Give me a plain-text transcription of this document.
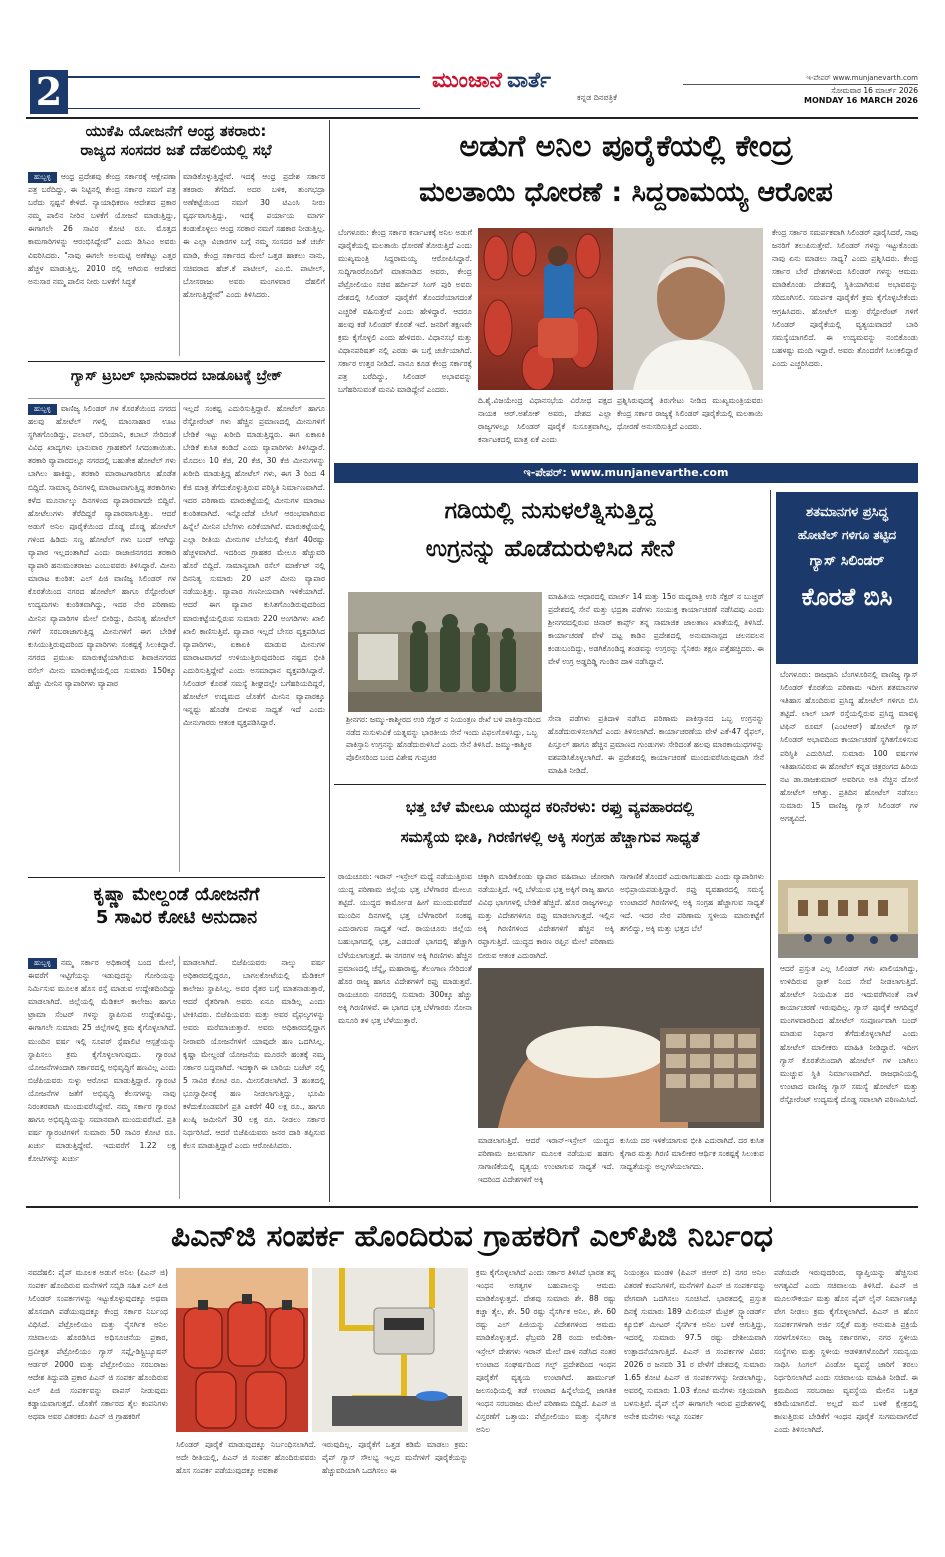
2	ಮುಂಜಾನೆ ವಾರ್ತೆ
ಕನ್ನಡ ದಿನಪತ್ರಿಕೆ
ಇ-ಪೇಪರ್ www.munjanevarth.com
ಸೋಮವಾರ 16 ಮಾರ್ಚ್ 2026
MONDAY 16 MARCH 2026
ಯುಕೆಪಿ ಯೋಜನೆಗೆ ಆಂಧ್ರ ತಕರಾರು:
ರಾಜ್ಯದ ಸಂಸದರ ಜತೆ ದೆಹಲಿಯಲ್ಲಿ ಸಭೆ
ಹುಬ್ಬಳ್ಳಿ ಆಂಧ್ರ ಪ್ರದೇಶವು ಕೇಂದ್ರ ಸರ್ಕಾರಕ್ಕೆ ಆಕ್ಷೇಪಣಾ ಪತ್ರ ಬರೆದಿದ್ದು, ಈ ನಿಟ್ಟಿನಲ್ಲಿ ಕೇಂದ್ರ ಸರ್ಕಾರ ನಮಗೆ ಪತ್ರ ಬರೆದು ಸ್ಪಷ್ಟನೆ ಕೇಳಿದೆ. ನ್ಯಾಯಾಧಿಕರಣ ಆದೇಶದ ಪ್ರಕಾರ ನಮ್ಮ ಪಾಲಿನ ನೀರಿನ ಬಳಕೆಗೆ ಯೋಜನೆ ಮಾಡುತ್ತಿದ್ದು, ಈಗಾಗಲೇ 26 ಸಾವಿರ ಕೋಟಿ ರೂ. ಮೊತ್ತದ ಕಾಮಗಾರಿಗಳನ್ನು ಆರಂಭಿಸಿದ್ದೇವೆ" ಎಂದು ಡಿಸಿಎಂ ಅವರು ವಿವರಿಸಿದರು. "ನಾವು ಈಗಲೇ ಅಲಮಟ್ಟಿ ಅಣೆಕಟ್ಟು ಎತ್ತರ ಹೆಚ್ಚಳ ಮಾಡುತ್ತಿಲ್ಲ. 2010 ರಲ್ಲಿ ಆಗಿರುವ ಆದೇಶದ ಅನುಸಾರ ನಮ್ಮ ಪಾಲಿನ ನೀರು ಬಳಕೆಗೆ ಸಿದ್ಧತೆ
ಮಾಡಿಕೊಳ್ಳುತ್ತಿದ್ದೇವೆ. ಇದಕ್ಕೆ ಆಂಧ್ರ ಪ್ರದೇಶ ಸರ್ಕಾರ ತಕರಾರು ತೆಗೆದಿದೆ. ಅದರ ಬಳಿಕ, ತುಂಗಭದ್ರಾ ಅಣೆಕಟ್ಟೆಯಿಂದ ನಮಗೆ 30 ಟಿಎಂಸಿ ನೀರು ವ್ಯರ್ಥವಾಗುತ್ತಿದ್ದು, ಇದಕ್ಕೆ ಪರ್ಯಾಯ ಮಾರ್ಗ ಕಂಡುಕೊಳ್ಳಲು ಆಂಧ್ರ ಸರಕಾರ ನಮಗೆ ಸಹಕಾರ ನೀಡುತ್ತಿಲ್ಲ. ಈ ಎಲ್ಲಾ ವಿಚಾರಗಳ ಬಗ್ಗೆ ನಮ್ಮ ಸಂಸದರ ಜತೆ ಚರ್ಚೆ ಮಾಡಿ, ಕೇಂದ್ರ ಸರ್ಕಾರದ ಮೇಲೆ ಒತ್ತಡ ಹಾಕಲು ನಾನು, ಸಚಿವರಾದ ಹೆಚ್.ಕೆ ಪಾಟೀಲ್, ಎಂ.ಬಿ. ಪಾಟೀಲ್, ಬೋಸರಾಜು ಅವರು ಮಂಗಳವಾರ ದೆಹಲಿಗೆ ಹೋಗುತ್ತಿದ್ದೇವೆ" ಎಂದು ತಿಳಿಸಿದರು.
ಗ್ಯಾಸ್ ಟ್ರಬಲ್ ಭಾನುವಾರದ ಬಾಡೂಟಕ್ಕೆ ಬ್ರೇಕ್
ಹುಬ್ಬಳ್ಳಿ ವಾಣಿಜ್ಯ ಸಿಲಿಂಡರ್ ಗಳ ಕೊರತೆಯಿಂದ ನಗರದ ಹಲವು ಹೋಟೆಲ್ ಗಳಲ್ಲಿ ಮಾಂಸಾಹಾರ ಊಟ ಸ್ಥಗಿತಗೊಂಡಿದ್ದು, ಪಲಾವ್, ಬಿರಿಯಾನಿ, ಕಬಾಬ್ ಸೇರಿದಂತೆ ವಿವಿಧ ಖಾದ್ಯಗಳು ಭಾನುವಾರ ಗ್ರಾಹಕರಿಗೆ ಸಿಗದಂತಾಯಿತು. ತರಕಾರಿ ವ್ಯಾಪಾರದಲ್ಲೂ ನಗರದಲ್ಲಿ ಬಹುತೇಕ ಹೋಟೆಲ್ ಗಳು ಬಾಗಿಲು ಹಾಕಿದ್ದು, ತರಕಾರಿ ಮಾರಾಟಗಾರರಿಗೂ ಹೊಡೆತ ಬಿದ್ದಿದೆ. ಸಾಮಾನ್ಯ ದಿನಗಳಲ್ಲಿ ಮಾರಾಟವಾಗುತ್ತಿದ್ದ ತರಕಾರಿಗಳು ಕಳೆದ ಮೂರ್ನಾಲ್ಕು ದಿನಗಳಿಂದ ವ್ಯಾಪಾರವಾಗದೇ ಬಿದ್ದಿವೆ. ಹೋಟೆಲುಗಳು ತೆರೆದಿದ್ದರೆ ವ್ಯಾಪಾರವಾಗುತ್ತಿತ್ತು. ಆದರೆ ಅಡುಗೆ ಅನಿಲ ಪೂರೈಕೆಯಿಂದ ದೊಡ್ಡ ದೊಡ್ಡ ಹೋಟೆಲ್ ಗಳಿಂದ ಹಿಡಿದು ಸಣ್ಣ ಹೋಟೆಲ್ ಗಳು ಬಂದ್ ಆಗಿದ್ದು ವ್ಯಾಪಾರ ಇಲ್ಲದಂತಾಗಿದೆ ಎಂದು ರಾಜಾಜಿನಗರದ ತರಕಾರಿ ವ್ಯಾಪಾರಿ ಹನುಮಂತರಾಜು ಎಂಬುವವರು ತಿಳಿಸಿದ್ದಾರೆ. ಮೀನು ಮಾರಾಟ ಕುಂಠಿತ: ಎಲ್ ಪಿಜಿ ವಾಣಿಜ್ಯ ಸಿಲಿಂಡರ್ ಗಳ ಕೊರತೆಯಿಂದ ನಗರದ ಹೋಟೆಲ್ ಹಾಗೂ ರೆಸ್ಟೋರೆಂಟ್ ಉದ್ಯಮಗಳು ಕುಂಠಿತವಾಗಿದ್ದು, ಇದರ ನೇರ ಪರಿಣಾಮ ಮೀನಿನ ವ್ಯಾಪಾರಿಗಳ ಮೇಲೆ ಬೀರಿದ್ದು, ದಿನನಿತ್ಯ ಹೋಟೆಲ್ ಗಳಿಗೆ ಸರಬರಾಜಾಗುತ್ತಿದ್ದ ಮೀನುಗಳಿಗೆ ಈಗ ಬೇಡಿಕೆ ಕುಸಿಯುತ್ತಿರುವುದರಿಂದ ವ್ಯಾಪಾರಿಗಳು ಸಂಕಷ್ಟಕ್ಕೆ ಸಿಲುಕಿದ್ದಾರೆ. ನಗರದ ಪ್ರಮುಖ ಮಾರುಕಟ್ಟೆಯಾಗಿರುವ ಶಿವಾಜಿನಗರದ ರಸೆಲ್ ಮೀನು ಮಾರುಕಟ್ಟೆಯಲ್ಲಿಂದ ಸುಮಾರು 150ಕ್ಕೂ ಹೆಚ್ಚು ಮೀನಿನ ವ್ಯಾಪಾರಿಗಳು ವ್ಯಾಪಾರ
ಇಲ್ಲದೆ ಸಂಕಷ್ಟ ಎದುರಿಸುತ್ತಿದ್ದಾರೆ. ಹೋಟೆಲ್ ಹಾಗೂ ರೆಸ್ಟೋರೆಂಟ್ ಗಳು ಹೆಚ್ಚಿನ ಪ್ರಮಾಣದಲ್ಲಿ ಮೀನುಗಳಿಗೆ ಬೇಡಿಕೆ ಇಟ್ಟು ಖರೀದಿ ಮಾಡುತ್ತಿದ್ದರು. ಈಗ ಏಕಾಏಕಿ ಬೇಡಿಕೆ ಕುಸಿತ ಕಂಡಿದೆ ಎಂದು ವ್ಯಾಪಾರಿಗಳು ತಿಳಿಸಿದ್ದಾರೆ. ಮೊದಲು 10 ಕೆಜಿ, 20 ಕೆಜಿ, 30 ಕೆಜಿ ಮೀನುಗಳನ್ನು ಖರೀದಿ ಮಾಡುತ್ತಿದ್ದ ಹೋಟೆಲ್ ಗಳು, ಈಗ 3 ರಿಂದ 4 ಕೆಜಿ ಮಾತ್ರ ತೆಗೆದುಕೊಳ್ಳುತ್ತಿರುವ ಪರಿಸ್ಥಿತಿ ನಿರ್ಮಾಣವಾಗಿದೆ. ಇದರ ಪರಿಣಾಮ ಮಾರುಕಟ್ಟೆಯಲ್ಲಿ ಮೀನುಗಳ ಮಾರಾಟ ಕುಂಠಿತವಾಗಿದೆ. ಇನ್ನೊಂದೆಡೆ ಬೇಸಿಗೆ ಆರಂಭವಾಗಿರುವ ಹಿನ್ನೆಲೆ ಮೀನಿನ ಬೆಲೆಗಳು ಏರಿಕೆಯಾಗಿವೆ. ಮಾರುಕಟ್ಟೆಯಲ್ಲಿ ಎಲ್ಲಾ ರೀತಿಯ ಮೀನುಗಳ ಬೆಲೆಯಲ್ಲಿ ಕೆಜಿಗೆ 40ರಷ್ಟು ಹೆಚ್ಚಳವಾಗಿದೆ. ಇದರಿಂದ ಗ್ರಾಹಕರ ಮೇಲೂ ಹೆಚ್ಚುವರಿ ಹೊರೆ ಬಿದ್ದಿದೆ. ಸಾಮಾನ್ಯವಾಗಿ ರಸೆಲ್ ಮಾರ್ಕೆಟ್ ನಲ್ಲಿ ದಿನನಿತ್ಯ ಸುಮಾರು 20 ಟನ್ ಮೀನು ವ್ಯಾಪಾರ ನಡೆಯುತ್ತಿತ್ತು. ವ್ಯಾಪಾರ ಗಣನೀಯವಾಗಿ ಇಳಿಕೆಯಾಗಿದೆ. ಆದರೆ ಈಗ ವ್ಯಾಪಾರ ಕುಸಿತಗೊಂಡಿರುವುದರಿಂದ ಮಾರುಕಟ್ಟೆಯಲ್ಲಿರುವ ಸುಮಾರು 220 ಅಂಗಡಿಗಳು ಖಾಲಿ ಖಾಲಿ ಕಾಣಿಸುತ್ತಿವೆ. ವ್ಯಾಪಾರ ಇಲ್ಲದೆ ಬೇಸರ ವ್ಯಕ್ತಪಡಿಸಿದ ವ್ಯಾಪಾರಿಗಳು, ಏಕಾಏಕಿ ಮಾಡುವ ಮೀನುಗಳ ಮಾರಾಟವಾಗದೆ ಉಳಿಯುತ್ತಿರುವುದರಿಂದ ನಷ್ಟದ ಭೀತಿ ಎದುರಿಸುತ್ತಿದ್ದೇವೆ ಎಂದು ಅಸಮಾಧಾನ ವ್ಯಕ್ತಪಡಿಸಿದ್ದಾರೆ. ಸಿಲಿಂಡರ್ ಕೊರತೆ ಸಮಸ್ಯೆ ಶೀಘ್ರದಲ್ಲೇ ಬಗೆಹರಿಯದಿದ್ದರೆ, ಹೋಟೆಲ್ ಉದ್ಯಮದ ಜೊತೆಗೆ ಮೀನಿನ ವ್ಯಾಪಾರಕ್ಕೂ ಇನ್ನಷ್ಟು ಹೊಡೆತ ಬೀಳುವ ಸಾಧ್ಯತೆ ಇದೆ ಎಂದು ಮೀನುಗಾರರು ಆತಂಕ ವ್ಯಕ್ತಪಡಿಸಿದ್ದಾರೆ.
ಕೃಷ್ಣಾ ಮೇಲ್ದಂಡೆ ಯೋಜನೆಗೆ
5 ಸಾವಿರ ಕೋಟಿ ಅನುದಾನ
ಹುಬ್ಬಳ್ಳಿ ನಮ್ಮ ಸರ್ಕಾರ ಅಧಿಕಾರಕ್ಕೆ ಬಂದ ಮೇಲೆ, ಈವರೆಗೆ ಇಟ್ಟಿಗೆಯನ್ನು ಇಡುವುದನ್ನು ಗೋರಿಯನ್ನು ನಿರ್ಮಿಸುವ ಮೂಲಕ ಹೊಸ ರಸ್ತೆ ಮಾಡುವ ಉದ್ದೇಶದಿಂದಿದ್ದು ಮಾಡಲಾಗಿದೆ. ಜಿಲ್ಲೆಯಲ್ಲಿ ಮೆಡಿಕಲ್ ಕಾಲೇಜು ಹಾಗೂ ಟ್ರಾಮಾ ಸೆಂಟರ್ ಗಳನ್ನು ಸ್ಥಾಪಿಸುವ ಉದ್ದೇಶವಿದ್ದು, ಈಗಾಗಲೇ ಸುಮಾರು 25 ಜಿಲ್ಲೆಗಳಲ್ಲಿ ಕ್ರಮ ಕೈಗೊಳ್ಳಲಾಗಿದೆ. ಮುಂದಿನ ವರ್ಷ ಇಲ್ಲಿ ಸೂಪರ್ ಸ್ಪೆಷಾಲಿಟಿ ಆಸ್ಪತ್ರೆಯನ್ನು ಸ್ಥಾಪಿಸಲು ಕ್ರಮ ಕೈಗೊಳ್ಳಲಾಗುವುದು. ಗ್ಯಾರಂಟಿ ಯೋಜನೆಗಳಿಂದಾಗಿ ಸರ್ಕಾರದಲ್ಲಿ ಅಭಿವೃದ್ಧಿಗೆ ಹಣವಿಲ್ಲ ಎಂದು ಬಿಜೆಪಿಯವರು ಸುಳ್ಳು ಆರೋಪ ಮಾಡುತ್ತಿದ್ದಾರೆ. ಗ್ಯಾರಂಟಿ ಯೋಜನೆಗಳ ಜತೆಗೆ ಅಭಿವೃದ್ಧಿ ಕೆಲಸಗಳನ್ನು ನಾವು ನಿರಂತರವಾಗಿ ಮುಂದುವರೆಸಿದ್ದೇವೆ. ನಮ್ಮ ಸರ್ಕಾರ ಗ್ಯಾರಂಟಿ ಹಾಗೂ ಅಭಿವೃದ್ಧಿಯನ್ನು ಸಮಾನವಾಗಿ ಮುಂದುವರೆಸಿದೆ. ಪ್ರತಿ ವರ್ಷ ಗ್ಯಾರಂಟಿಗಳಿಗೆ ಸುಮಾರು 50 ಸಾವಿರ ಕೋಟಿ ರೂ. ಖರ್ಚು ಮಾಡುತ್ತಿದ್ದೇವೆ. ಇದುವರೆಗೆ 1.22 ಲಕ್ಷ ಕೋಟಿಗಳನ್ನು ಖರ್ಚು
ಮಾಡಲಾಗಿದೆ. ಬಿಜೆಪಿಯವರು ನಾಲ್ಕು ವರ್ಷ ಅಧಿಕಾರದಲ್ಲಿದ್ದರೂ, ಬಾಗಲಕೋಟೆಯಲ್ಲಿ ಮೆಡಿಕಲ್ ಕಾಲೇಜು ಸ್ಥಾಪಿಸಿಲ್ಲ. ಅವರ ರೈತರ ಬಗ್ಗೆ ಮಾತನಾಡುತ್ತಾರೆ, ಆದರೆ ರೈತರಿಗಾಗಿ ಅವರು ಏನೂ ಮಾಡಿಲ್ಲ ಎಂದು ಟೀಕಿಸಿದರು. ಬಿಜೆಪಿಯವರು ಮತ್ತು ಅವರ ವೈಫಲ್ಯಗಳನ್ನು ಅವರು ಮರೆಮಾಚುತ್ತಾರೆ. ಅವರು ಅಧಿಕಾರದಲ್ಲಿದ್ದಾಗ ನೀರಾವರಿ ಯೋಜನೆಗಳಿಗೆ ಯಾವುದೇ ಹಣ ಒದಗಿಸಿಲ್ಲ. ಕೃಷ್ಣಾ ಮೇಲ್ದಂಡೆ ಯೋಜನೆಯ ಮೂರನೇ ಹಂತಕ್ಕೆ ನಮ್ಮ ಸರ್ಕಾರ ಬದ್ಧವಾಗಿದೆ. ಇದಕ್ಕಾಗಿ ಈ ಬಾರಿಯ ಬಜೆಟ್ ನಲ್ಲಿ 5 ಸಾವಿರ ಕೋಟಿ ರೂ. ಮೀಸಲಿಡಲಾಗಿದೆ. 3 ಹಂತದಲ್ಲಿ ಭೂಸ್ವಾಧೀನಕ್ಕೆ ಹಣ ನೀಡಲಾಗುತ್ತಿದ್ದು, ಭೂಮಿ ಕಳೆದುಕೊಂಡವರಿಗೆ ಪ್ರತಿ ಎಕರೆಗೆ 40 ಲಕ್ಷ ರೂ., ಹಾಗೂ ಖುಷ್ಕಿ ಜಮೀನಿಗೆ 30 ಲಕ್ಷ ರೂ. ನೀಡಲು ಸರ್ಕಾರ ನಿರ್ಧರಿಸಿದೆ. ಆದರೆ ಬಿಜೆಪಿಯವರು ಜನರ ದಾರಿ ತಪ್ಪಿಸುವ ಕೆಲಸ ಮಾಡುತ್ತಿದ್ದಾರೆ ಎಂದು ಆರೋಪಿಸಿದರು.
ಅಡುಗೆ ಅನಿಲ ಪೂರೈಕೆಯಲ್ಲಿ ಕೇಂದ್ರ
ಮಲತಾಯಿ ಧೋರಣೆ : ಸಿದ್ದರಾಮಯ್ಯ ಆರೋಪ
ಬೆಂಗಳೂರು: ಕೇಂದ್ರ ಸರ್ಕಾರ ಕರ್ನಾಟಕಕ್ಕೆ ಅನಿಲ ಅಡುಗೆ ಪೂರೈಕೆಯಲ್ಲಿ ಮಲತಾಯಿ ಧೋರಣೆ ತೋರುತ್ತಿದೆ ಎಂದು ಮುಖ್ಯಮಂತ್ರಿ ಸಿದ್ದರಾಮಯ್ಯ ಆರೋಪಿಸಿದ್ದಾರೆ. ಸುದ್ದಿಗಾರರೊಂದಿಗೆ ಮಾತನಾಡಿದ ಅವರು, ಕೇಂದ್ರ ಪೆಟ್ರೋಲಿಯಂ ಸಚಿವ ಹರ್ದೀಪ್ ಸಿಂಗ್ ಪುರಿ ಅವರು ದೇಶದಲ್ಲಿ ಸಿಲಿಂಡರ್ ಪೂರೈಕೆಗೆ ತೊಂದರೆಯಾಗದಂತೆ ಎಚ್ಚರಿಕೆ ವಹಿಸುತ್ತೇವೆ ಎಂದು ಹೇಳಿದ್ದಾರೆ. ಆದರೂ ಹಲವು ಕಡೆ ಸಿಲಿಂಡರ್ ಕೊರತೆ ಇದೆ. ಜನರಿಗೆ ತಕ್ಷಣವೇ ಕ್ರಮ ಕೈಗೊಳ್ಳಲಿ ಎಂದು ಹೇಳಿದರು. ವಿಧಾನಸಭೆ ಮತ್ತು ವಿಧಾನಪರಿಷತ್ ನಲ್ಲಿ ಎರಡು ಈ ಬಗ್ಗೆ ಚರ್ಚೆಯಾಗಿದೆ. ಸರ್ಕಾರ ಉತ್ತರ ನೀಡಿದೆ. ನಾನೂ ಕೂಡ ಕೇಂದ್ರ ಸರ್ಕಾರಕ್ಕೆ ಪತ್ರ ಬರೆದಿದ್ದು, ಸಿಲಿಂಡರ್ ಅಭಾವವನ್ನು ಬಗೆಹರಿಸುವಂತೆ ಮನವಿ ಮಾಡಿದ್ದೇನೆ ಎಂದರು.
ಕೇಂದ್ರ ಸರ್ಕಾರ ಸಮರ್ಪಕವಾಗಿ ಸಿಲಿಂಡರ್ ಪೂರೈಸಿದರೆ, ನಾವು ಜನರಿಗೆ ತಲುಪಿಸುತ್ತೇವೆ. ಸಿಲಿಂಡರ್ ಗಳನ್ನು ಇಟ್ಟುಕೊಂಡು ನಾವು ಏನು ಮಾಡಲು ಸಾಧ್ಯ? ಎಂದು ಪ್ರಶ್ನಿಸಿದರು. ಕೇಂದ್ರ ಸರ್ಕಾರ ಬೇರೆ ದೇಶಗಳಿಂದ ಸಿಲಿಂಡರ್ ಗಳನ್ನು ಆಮದು ಮಾಡಿಕೊಂಡು ದೇಶದಲ್ಲಿ ಸ್ಥಿತಿಯಾಗಿರುವ ಅಭಾವವನ್ನು ಸರಿದೂಗಿಸಲಿ. ಸಮರ್ಪಕ ಪೂರೈಕೆಗೆ ಕ್ರಮ ಕೈಗೊಳ್ಳಬೇಕೆಂದು ಆಗ್ರಹಿಸಿದರು. ಹೋಟೆಲ್ ಮತ್ತು ರೆಸ್ಟೋರೆಂಟ್ ಗಳಿಗೆ ಸಿಲಿಂಡರ್ ಪೂರೈಕೆಯಲ್ಲಿ ವ್ಯತ್ಯಯವಾದರೆ ಬಾರಿ ಸಮಸ್ಯೆಯಾಗಲಿದೆ. ಈ ಉದ್ಯಮವನ್ನು ನಂಬಿಕೊಂಡು ಬಹಳಷ್ಟು ಮಂದಿ ಇದ್ದಾರೆ. ಅವರು ತೊಂದರೆಗೆ ಸಿಲುಕಲಿದ್ದಾರೆ ಎಂದು ಎಚ್ಚರಿಸಿದರು.
ದಿ.ಶೈ.ವಿಜಯೇಂದ್ರ ವಿಧಾನಸಭೆಯ ವಿರೋಧ ಪಕ್ಷದ ನಾಯಕ ಆರ್.ಅಶೋಕ್ ಅವರು, ದೇಶದ ಎಲ್ಲಾ ರಾಜ್ಯಗಳಲ್ಲೂ ಸಿಲಿಂಡರ್ ಪೂರೈಕೆ ಸುಸೂತ್ರವಾಗಿಲ್ಲ, ಕರ್ನಾಟಕದಲ್ಲಿ ಮಾತ್ರ ಏಕೆ ಎಂದು
ಪ್ರಶ್ನಿಸಿರುವುದಕ್ಕೆ ತಿರುಗೇಟು ನೀಡಿದ ಮುಖ್ಯಮಂತ್ರಿಯವರು ಕೇಂದ್ರ ಸರ್ಕಾರ ರಾಜ್ಯಕ್ಕೆ ಸಿಲಿಂಡರ್ ಪೂರೈಕೆಯಲ್ಲಿ ಮಲತಾಯಿ ಧೋರಣೆ ಅನುಸರಿಸುತ್ತಿದೆ ಎಂದರು.
ಇ-ಪೇಪರ್: www.munjanevarthe.com
ಗಡಿಯಲ್ಲಿ ನುಸುಳಲೆತ್ನಿಸುತ್ತಿದ್ದ
ಉಗ್ರನನ್ನು ಹೊಡೆದುರುಳಿಸಿದ ಸೇನೆ
ಮಾಹಿತಿಯ ಆಧಾರದಲ್ಲಿ ಮಾರ್ಚ್ 14 ಮತ್ತು 15ರ ಮಧ್ಯರಾತ್ರಿ ಉರಿ ಸೆಕ್ಟರ್ ನ ಬುಚ್ಚರ್ ಪ್ರದೇಶದಲ್ಲಿ ಸೇನೆ ಮತ್ತು ಭದ್ರತಾ ಪಡೆಗಳು ಸಂಯುಕ್ತ ಕಾರ್ಯಾಚರಣೆ ನಡೆಸಿದವು ಎಂದು ಶ್ರೀನಗರದಲ್ಲಿರುವ ಚಿನಾರ್ ಕಾರ್ಪ್ಸ್ ತನ್ನ ಸಾಮಾಜಿಕ ಜಾಲತಾಣ ಖಾತೆಯಲ್ಲಿ ತಿಳಿಸಿದೆ. ಕಾರ್ಯಾಚರಣೆ ವೇಳೆ ದಟ್ಟ ಕಾಡಿನ ಪ್ರದೇಶದಲ್ಲಿ ಅನುಮಾನಾಸ್ಪದ ಚಲನವಲನ ಕಂಡುಬಂದಿದ್ದು, ಅಡಗಿಕೊಂಡಿದ್ದ ತಂಡವನ್ನು ಉಗ್ರರನ್ನು ಸೈನಿಕರು ತಕ್ಷಣ ಪತ್ತೆಹಚ್ಚಿದರು. ಈ ವೇಳೆ ಉಗ್ರ ಅಡ್ಡದಿಡ್ಡಿ ಗುಂಡಿನ ದಾಳಿ ನಡೆಸಿದ್ದಾನೆ.
ಶ್ರೀನಗರ: ಜಮ್ಮು-ಕಾಶ್ಮೀರದ ಉರಿ ಸೆಕ್ಟರ್ ನ ನಿಯಂತ್ರಣ ರೇಖೆ ಬಳಿ ಪಾಕಿಸ್ತಾನದಿಂದ ನಡೆದ ನುಸುಳುವಿಕೆ ಯತ್ನವನ್ನು ಭಾರತೀಯ ಸೇನೆ ಇಂದು ವಿಫಲಗೊಳಿಸಿದ್ದು, ಒಬ್ಬ ಪಾಕಿಸ್ತಾನಿ ಉಗ್ರನನ್ನು ಹೊಡೆದುರುಳಿಸಿದೆ ಎಂದು ಸೇನೆ ತಿಳಿಸಿದೆ. ಜಮ್ಮು-ಕಾಶ್ಮೀರ ಪೊಲೀಸರಿಂದ ಬಂದ ವಿಶೇಷ ಗುಪ್ತಚರ
ಸೇನಾ ಪಡೆಗಳು ಪ್ರತಿದಾಳಿ ನಡೆಸಿದ ಪರಿಣಾಮ ಪಾಕಿಸ್ತಾನದ ಒಬ್ಬ ಉಗ್ರನನ್ನು ಹೊಡೆದುರುಳಿಸಲಾಗಿದೆ ಎಂದು ತಿಳಿಸಲಾಗಿದೆ. ಕಾರ್ಯಾಚರಣೆಯ ವೇಳೆ ಎಕೆ-47 ರೈಫಲ್, ಪಿಸ್ತೂಲ್ ಹಾಗೂ ಹೆಚ್ಚಿನ ಪ್ರಮಾಣದ ಗುಂಡುಗಳು ಸೇರಿದಂತೆ ಹಲವು ಮಾರಕಾಯುಧಗಳನ್ನು ವಶಪಡಿಸಿಕೊಳ್ಳಲಾಗಿದೆ. ಈ ಪ್ರದೇಶದಲ್ಲಿ ಕಾರ್ಯಾಚರಣೆ ಮುಂದುವರೆಸಿರುವುದಾಗಿ ಸೇನೆ ಮಾಹಿತಿ ನೀಡಿದೆ.
ಭತ್ತ ಬೆಳೆ ಮೇಲೂ ಯುದ್ಧದ ಕರಿನೆರಳು: ರಫ್ತು ವ್ಯವಹಾರದಲ್ಲಿ
ಸಮಸ್ಯೆಯ ಭೀತಿ, ಗಿರಣಿಗಳಲ್ಲಿ ಅಕ್ಕಿ ಸಂಗ್ರಹ ಹೆಚ್ಚಾಗುವ ಸಾಧ್ಯತೆ
ರಾಯಚೂರು: ಇರಾನ್ -ಇಸ್ರೇಲ್ ಮಧ್ಯೆ ನಡೆಯುತ್ತಿರುವ ಯುದ್ಧ ಪರಿಣಾಮ ಜಿಲ್ಲೆಯ ಭತ್ತ ಬೆಳೆಗಾರರ ಮೇಲೂ ತಟ್ಟಿದೆ. ಯುದ್ಧದ ಕಾರ್ಮೋಡ ಹೀಗೆ ಮುಂದುವರೆದರೆ ಮುಂದಿನ ದಿನಗಳಲ್ಲಿ ಭತ್ತ ಬೆಳೆಗಾರರಿಗೆ ಸಂಕಷ್ಟ ಎದುರಾಗುವ ಸಾಧ್ಯತೆ ಇದೆ. ರಾಯಚೂರು ಜಿಲ್ಲೆಯ ಬಹುಭಾಗದಲ್ಲಿ ಭತ್ತ, ಎಡದಂಡೆ ಭಾಗದಲ್ಲಿ ಹೆಚ್ಚಾಗಿ ಬೆಳೆಯಲಾಗುತ್ತದೆ. ಈ ನಗರಗಳ ಅಕ್ಕಿ ಗಿರಣಿಗಳು ಹೆಚ್ಚಿನ ಪ್ರಮಾಣದಲ್ಲಿ ಚೆನ್ನೈ, ಮಹಾರಾಷ್ಟ್ರ, ತೆಲಂಗಾಣ ಸೇರಿದಂತೆ ಹೊರ ರಾಜ್ಯ ಹಾಗೂ ವಿದೇಶಗಳಿಗೆ ರಫ್ತು ಮಾಡುತ್ತವೆ. ರಾಯಚೂರು ನಗರದಲ್ಲಿ ಸುಮಾರು 300ಕ್ಕೂ ಹೆಚ್ಚು ಅಕ್ಕಿ ಗಿರಣಿಗಳಿವೆ. ಈ ಭಾಗದ ಭತ್ತ ಬೆಳೆಗಾರರು ಸೋನಾ ಮಸೂರಿ ತಳಿ ಭತ್ತ ಬೆಳೆಯುತ್ತಾರೆ.
ಚಿಕ್ಕಾಗಿ ಮಾಡಿಕೊಂಡು ವ್ಯಾಪಾರ ವಹಿವಾಟು ಜೋರಾಗಿ ನಡೆಯುತ್ತಿದೆ. ಇಲ್ಲಿ ಬೆಳೆಯುವ ಭತ್ತ ಅಕ್ಕಿಗೆ ರಾಜ್ಯ ಹಾಗೂ ವಿವಿಧ ಭಾಗಗಳಲ್ಲಿ ಬೇಡಿಕೆ ಹೆಚ್ಚಿದೆ. ಹೊರ ರಾಜ್ಯಗಳಲ್ಲೂ ಮತ್ತು ವಿದೇಶಗಳಿಗೂ ರಫ್ತು ಮಾಡಲಾಗುತ್ತದೆ. ಇಲ್ಲಿನ ಅಕ್ಕಿ ಗಿರಣಿಗಳಿಂದ ವಿದೇಶಗಳಿಗೆ ಹೆಚ್ಚಿನ ಅಕ್ಕಿ ರಫ್ತಾಗುತ್ತಿದೆ. ಯುದ್ಧದ ಕಾರಣ ರಫ್ತಿನ ಮೇಲೆ ಪರಿಣಾಮ ಬೀರುವ ಆತಂಕ ಎದುರಾಗಿದೆ.
ಸಾಗಾಣಿಕೆ ತೊಂದರೆ ಎದುರಾಗಬಹುದು ಎಂದು ವ್ಯಾಪಾರಿಗಳು ಅಭಿಪ್ರಾಯಪಡುತ್ತಿದ್ದಾರೆ. ರಫ್ತು ವ್ಯವಹಾರದಲ್ಲಿ ಸಮಸ್ಯೆ ಉಂಟಾದರೆ ಗಿರಣಿಗಳಲ್ಲಿ ಅಕ್ಕಿ ಸಂಗ್ರಹ ಹೆಚ್ಚಾಗುವ ಸಾಧ್ಯತೆ ಇದೆ. ಇದರ ನೇರ ಪರಿಣಾಮ ಸ್ಥಳೀಯ ಮಾರುಕಟ್ಟೆಗೆ ತಗಲಿದ್ದು, ಅಕ್ಕಿ ಮತ್ತು ಭತ್ತದ ಬೆಲೆ
ಮಾಡಲಾಗುತ್ತಿದೆ. ಆದರೆ ಇರಾನ್-ಇಸ್ರೇಲ್ ಯುದ್ಧದ ಪರಿಣಾಮ ಜಲಮಾರ್ಗ ಮೂಲಕ ನಡೆಯುವ ಹಡಗು ಸಾಗಾಣಿಕೆಯಲ್ಲಿ ವ್ಯತ್ಯಯ ಉಂಟಾಗುವ ಸಾಧ್ಯತೆ ಇದೆ. ಇದರಿಂದ ವಿದೇಶಗಳಿಗೆ ಅಕ್ಕಿ
ಕುಸಿಯ ದರ ಇಳಿಕೆಯಾಗುವ ಭೀತಿ ಎದುರಾಗಿದೆ. ದರ ಕುಸಿತ ಕೈಗಾರ ಮತ್ತು ಗಿರಣಿ ಮಾಲೀಕರ ಆರ್ಥಿಕ ಸಂಕಷ್ಟಕ್ಕೆ ಸಿಲುಕುವ ಸಾಧ್ಯತೆಯನ್ನು ಅಲ್ಲಗಳೆಯಲಾಗದು.
ಶತಮಾನಗಳ ಪ್ರಸಿದ್ಧ
ಹೋಟೆಲ್ ಗಳಿಗೂ ತಟ್ಟಿದ
ಗ್ಯಾಸ್ ಸಿಲಿಂಡರ್
ಕೊರತೆ ಬಿಸಿ
ಬೆಂಗಳೂರು: ರಾಜಧಾನಿ ಬೆಂಗಳೂರಿನಲ್ಲಿ ವಾಣಿಜ್ಯ ಗ್ಯಾಸ್ ಸಿಲಿಂಡರ್ ಕೊರತೆಯ ಪರಿಣಾಮ ಇದೀಗ ಶತಮಾನಗಳ ಇತಿಹಾಸ ಹೊಂದಿರುವ ಪ್ರಸಿದ್ಧ ಹೋಟೆಲ್ ಗಳಿಗೂ ಬಿಸಿ ತಟ್ಟಿದೆ. ಲಾಲ್ ಬಾಗ್ ರಸ್ತೆಯಲ್ಲಿರುವ ಪ್ರಸಿದ್ಧ ಮಾವಳ್ಳಿ ಟಿಫಿನ್ ರೂಮ್ (ಎಂಟಿಆರ್) ಹೋಟೆಲ್ ಗ್ಯಾಸ್ ಸಿಲಿಂಡರ್ ಅಭಾವದಿಂದ ಕಾರ್ಯಾಚರಣೆ ಸ್ಥಗಿತಗೊಳಿಸುವ ಪರಿಸ್ಥಿತಿ ಎದುರಿಸಿದೆ. ಸುಮಾರು 100 ವರ್ಷಗಳ ಇತಿಹಾಸವಿರುವ ಈ ಹೋಟೆಲ್ ಕನ್ನಡ ಚಿತ್ರರಂಗದ ಹಿರಿಯ ನಟ ಡಾ.ರಾಜಕುಮಾರ್ ಅವರಿಗೂ ಅತಿ ನೆಚ್ಚಿನ ದೋಸೆ ಹೋಟೆಲ್ ಆಗಿತ್ತು. ಪ್ರತಿದಿನ ಹೋಟೆಲ್ ನಡೆಸಲು ಸುಮಾರು 15 ವಾಣಿಜ್ಯ ಗ್ಯಾಸ್ ಸಿಲಿಂಡರ್ ಗಳ ಅಗತ್ಯವಿದೆ.
ಆದರೆ ಪ್ರಸ್ತುತ ಎಲ್ಲ ಸಿಲಿಂಡರ್ ಗಳು ಖಾಲಿಯಾಗಿದ್ದು, ಉಳಿದಿರುವ ಸ್ಟಾಕ್ ನಿಂದ ಸೇವೆ ನೀಡಲಾಗುತ್ತಿದೆ. ಹೋಟೆಲ್ ನಿಯಮಿತ ದರ ಇದುವರೆಗಿನಂತೆ ನಾಳೆ ಕಾರ್ಯಾಚರಣೆ ಇರುವುದಿಲ್ಲ. ಗ್ಯಾಸ್ ಪೂರೈಕೆ ಆಗದಿದ್ದರೆ ಮಂಗಳವಾರದಿಂದ ಹೋಟೆಲ್ ಸಂಪೂರ್ಣವಾಗಿ ಬಂದ್ ಮಾಡುವ ನಿರ್ಧಾರ ತೆಗೆದುಕೊಳ್ಳಲಾಗಿದೆ ಎಂದು ಹೋಟೆಲ್ ಮಾಲೀಕರು ಮಾಹಿತಿ ನೀಡಿದ್ದಾರೆ. ಇದೀಗ ಗ್ಯಾಸ್ ಕೊರತೆಯಿಂದಾಗಿ ಹೋಟೆಲ್ ಗಳ ಬಾಗಿಲು ಮುಚ್ಚುವ ಸ್ಥಿತಿ ನಿರ್ಮಾಣವಾಗಿದೆ. ರಾಜಧಾನಿಯಲ್ಲಿ ಉಂಟಾದ ವಾಣಿಜ್ಯ ಗ್ಯಾಸ್ ಸಮಸ್ಯೆ ಹೋಟೆಲ್ ಮತ್ತು ರೆಸ್ಟೋರೆಂಟ್ ಉದ್ಯಮಕ್ಕೆ ದೊಡ್ಡ ಸವಾಲಾಗಿ ಪರಿಣಮಿಸಿದೆ.
ಪಿಎನ್‌ಜಿ ಸಂಪರ್ಕ ಹೊಂದಿರುವ ಗ್ರಾಹಕರಿಗೆ ಎಲ್‌ಪಿಜಿ ನಿರ್ಬಂಧ
ನವದೆಹಲಿ: ಪೈಪ್ ಮೂಲಕ ಅಡುಗೆ ಅನಿಲ (ಪಿಎನ್ ಜಿ) ಸಂಪರ್ಕ ಹೊಂದಿರುವ ಮನೆಗಳಿಗೆ ಸಬ್ಸಿಡಿ ಸಹಿತ ಎಲ್ ಪಿಜಿ ಸಿಲಿಂಡರ್ ಸಂಪರ್ಕಗಳನ್ನು ಇಟ್ಟುಕೊಳ್ಳುವುದಕ್ಕೂ ಅಥವಾ ಹೊಸದಾಗಿ ಪಡೆಯುವುದಕ್ಕೂ ಕೇಂದ್ರ ಸರ್ಕಾರ ನಿರ್ಬಂಧ ವಿಧಿಸಿದೆ. ಪೆಟ್ರೋಲಿಯಂ ಮತ್ತು ನೈಸರ್ಗಿಕ ಅನಿಲ ಸಚಿವಾಲಯ ಹೊರಡಿಸಿದ ಅಧಿಸೂಚನೆಯ ಪ್ರಕಾರ, ದ್ರವೀಕೃತ ಪೆಟ್ರೋಲಿಯಂ ಗ್ಯಾಸ್ ಸಪ್ಲೈ-ಡಿಸ್ಟ್ರಿಬ್ಯೂಷನ್ ಆರ್ಡರ್ 2000 ಮತ್ತು ಪೆಟ್ರೋಲಿಯಂ ಸರಬರಾಜು ಆದೇಶ ತಿದ್ದುಪಡಿ ಪ್ರಕಾರ ಪಿಎನ್ ಜಿ ಸಂಪರ್ಕ ಹೊಂದಿರುವ ಎಲ್ ಪಿಜಿ ಸಂಪರ್ಕವನ್ನು ವಾಪಸ್ ನೀಡುವುದು ಕಡ್ಡಾಯವಾಗುತ್ತದೆ. ಜೊತೆಗೆ ಸರ್ಕಾರದ ತೈಲ ಕಂಪನಿಗಳು ಅಥವಾ ಅವರ ವಿತರಕರು ಪಿಎನ್ ಜಿ ಗ್ರಾಹಕರಿಗೆ
ಸಿಲಿಂಡರ್ ಪೂರೈಕೆ ಮಾಡುವುದಕ್ಕೂ ನಿರ್ಬಂಧಿಸಲಾಗಿದೆ. ಅದೇ ರೀತಿಯಲ್ಲಿ, ಪಿಎನ್ ಜಿ ಸಂಪರ್ಕ ಹೊಂದಿರುವವರು ಹೊಸ ಸಂಪರ್ಕ ಪಡೆಯುವುದಕ್ಕೂ ಅವಕಾಶ
ಇರುವುದಿಲ್ಲ. ಪೂರೈಕೆಗೆ ಒತ್ತಡ ಕಡಿಮೆ ಮಾಡಲು ಕ್ರಮ: ಪೈಪ್ ಗ್ಯಾಸ್ ಸೌಲಭ್ಯ ಇಲ್ಲದ ಮನೆಗಳಿಗೆ ಪೂರೈಕೆಯನ್ನು ಹೆಚ್ಚುವರಿಯಾಗಿ ಒದಗಿಸಲು ಈ
ಕ್ರಮ ಕೈಗೊಳ್ಳಲಾಗಿದೆ ಎಂದು ಸರ್ಕಾರ ತಿಳಿಸಿದೆ ಭಾರತ ತನ್ನ ಇಂಧನ ಅಗತ್ಯಗಳ ಬಹುಪಾಲನ್ನು ಆಮದು ಮಾಡಿಕೊಳ್ಳುತ್ತದೆ. ದೇಶವು ಸುಮಾರು ಶೇ. 88 ರಷ್ಟು ಕಚ್ಚಾ ತೈಲ, ಶೇ. 50 ರಷ್ಟು ನೈಸರ್ಗಿಕ ಅನಿಲ, ಶೇ. 60 ರಷ್ಟು ಎಲ್ ಪಿಜಿಯನ್ನು ವಿದೇಶಗಳಿಂದ ಆಮದು ಮಾಡಿಕೊಳ್ಳುತ್ತದೆ. ಫೆಬ್ರವರಿ 28 ರಂದು ಅಮೆರಿಕಾ-ಇಸ್ರೇಲ್ ದೇಶಗಳು ಇರಾನ್ ಮೇಲೆ ದಾಳಿ ನಡೆಸಿದ ನಂತರ ಉಂಟಾದ ಸಂಘರ್ಷದಿಂದ ಗಲ್ಫ್ ಪ್ರದೇಶದಿಂದ ಇಂಧನ ಪೂರೈಕೆಗೆ ವ್ಯತ್ಯಯ ಉಂಟಾಗಿದೆ. ಹಾರ್ಮುಜ್ ಜಲಸಂಧಿಯಲ್ಲಿ ತಡೆ ಉಂಟಾದ ಹಿನ್ನೆಲೆಯಲ್ಲಿ ಜಾಗತಿಕ ಇಂಧನ ಸರಬರಾಜು ಮೇಲೆ ಪರಿಣಾಮ ಬಿದ್ದಿದೆ. ಪಿಎನ್ ಜಿ ವಿಸ್ತರಣೆಗೆ ಒತ್ತಾಯ: ಪೆಟ್ರೋಲಿಯಂ ಮತ್ತು ನೈಸರ್ಗಿಕ ಅನಿಲ
ನಿಯಂತ್ರಣ ಮಂಡಳಿ (ಪಿಎನ್ ಜಿಆರ್ ಬಿ) ನಗರ ಅನಿಲ ವಿತರಣೆ ಕಂಪನಿಗಳಿಗೆ, ಮನೆಗಳಿಗೆ ಪಿಎನ್ ಜಿ ಸಂಪರ್ಕವನ್ನು ವೇಗವಾಗಿ ಒದಗಿಸಲು ಸೂಚಿಸಿದೆ. ಭಾರತದಲ್ಲಿ ಪ್ರಸ್ತುತ ದಿನಕ್ಕೆ ಸುಮಾರು 189 ಮಿಲಿಯನ್ ಮೆಟ್ರಿಕ್ ಸ್ಟ್ಯಾಂಡರ್ಡ್ ಕ್ಯೂಬಿಕ್ ಮೀಟರ್ ನೈಸರ್ಗಿಕ ಅನಿಲ ಬಳಕೆ ಆಗುತ್ತಿದ್ದು, ಇದರಲ್ಲಿ ಸುಮಾರು 97.5 ರಷ್ಟು ದೇಶೀಯವಾಗಿ ಉತ್ಪಾದನೆಯಾಗುತ್ತಿದೆ. ಪಿಎನ್ ಜಿ ಸಂಪರ್ಕಗಳ ವಿವರ: 2026 ರ ಜನವರಿ 31 ರ ವೇಳೆಗೆ ದೇಶದಲ್ಲಿ ಸುಮಾರು 1.65 ಕೋಟಿ ಪಿಎನ್ ಜಿ ಸಂಪರ್ಕಗಳನ್ನು ನೀಡಲಾಗಿದ್ದು, ಅವರಲ್ಲಿ ಸುಮಾರು 1.03 ಕೋಟಿ ಮನೆಗಳು ಸಕ್ರಿಯವಾಗಿ ಬಳಸುತ್ತಿವೆ. ಪೈಪ್ ಲೈನ್ ಈಗಾಗಲೇ ಇರುವ ಪ್ರದೇಶಗಳಲ್ಲಿ ಅನೇಕ ಮನೆಗಳು ಇನ್ನೂ ಸಂಪರ್ಕ
ಪಡೆಯದೇ ಇರುವುದರಿಂದ, ವ್ಯಾಪ್ತಿಯನ್ನು ಹೆಚ್ಚಿಸುವ ಅಗತ್ಯವಿದೆ ಎಂದು ಸಚಿವಾಲಯ ತಿಳಿಸಿದೆ. ಪಿಎನ್ ಜಿ ಮೂಲಸೌಕರ್ಯ ಮತ್ತು ಹೊಸ ಪೈಪ್ ಲೈನ್ ನಿರ್ಮಾಣಕ್ಕೂ ವೇಗ ನೀಡಲು ಕ್ರಮ ಕೈಗೊಳ್ಳಲಾಗಿದೆ. ಪಿಎನ್ ಜಿ ಹೊಸ ಸಂಪರ್ಕಗಳಿಗಾಗಿ ಅರ್ಜಿ ಸಲ್ಲಿಕೆ ಮತ್ತು ಅನುಮತಿ ಪ್ರಕ್ರಿಯೆ ಸರಳಗೊಳಿಸಲು ರಾಜ್ಯ ಸರ್ಕಾರಗಳು, ನಗರ ಸ್ಥಳೀಯ ಸಂಸ್ಥೆಗಳು ಮತ್ತು ಸ್ಥಳೀಯ ಆಡಳಿತಗಳೊಂದಿಗೆ ಸಮನ್ವಯ ಸಾಧಿಸಿ ಸಿಂಗಲ್ ವಿಂಡೋ ವ್ಯವಸ್ಥೆ ಜಾರಿಗೆ ತರಲು ನಿರ್ಧರಿಸಲಾಗಿದೆ ಎಂದು ಸಚಿವಾಲಯ ಮಾಹಿತಿ ನೀಡಿದೆ. ಈ ಕ್ರಮದಿಂದ ಸರಬರಾಜು ವ್ಯವಸ್ಥೆಯ ಮೇಲಿನ ಒತ್ತಡ ಕಡಿಮೆಯಾಗಲಿದೆ. ಅಲ್ಲದೆ ಮನೆ ಬಳಕೆ ಕ್ಷೇತ್ರದಲ್ಲಿ ಕಾಣುತ್ತಿರುವ ಬೇಡಿಕೆಗೆ ಇಂಧನ ಪೂರೈಕೆ ಸುಗಮವಾಗಲಿದೆ ಎಂದು ತಿಳಿಸಲಾಗಿದೆ.
